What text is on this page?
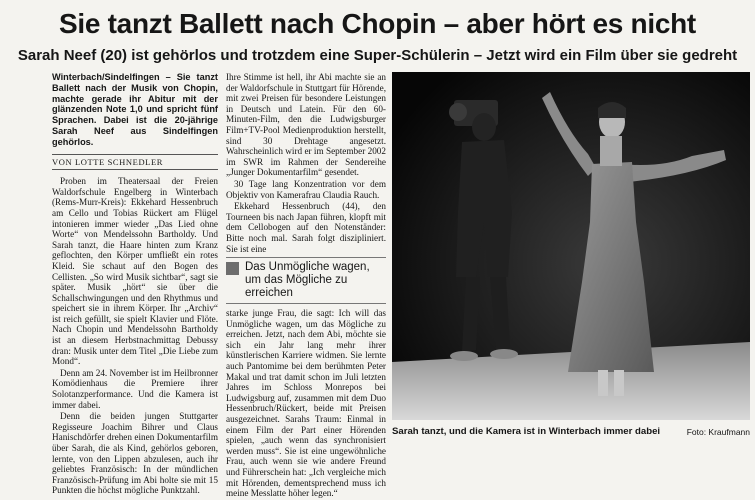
Sie tanzt Ballett nach Chopin – aber hört es nicht
Sarah Neef (20) ist gehörlos und trotzdem eine Super-Schülerin – Jetzt wird ein Film über sie gedreht

Winterbach/Sindelfingen – Sie tanzt Ballett nach der Musik von Chopin, machte gerade ihr Abitur mit der glänzenden Note 1,0 und spricht fünf Sprachen. Dabei ist die 20-jährige Sarah Neef aus Sindelfingen gehörlos.

VON LOTTE SCHNEDLER

Proben im Theatersaal der Freien Waldorfschule Engelberg in Winterbach (Rems-Murr-Kreis): Ekkehard Hessenbruch am Cello und Tobias Rückert am Flügel intonieren immer wieder „Das Lied ohne Worte“ von Mendelssohn Bartholdy. Und Sarah tanzt, die Haare hinten zum Kranz geflochten, den Körper umfließt ein rotes Kleid. Sie schaut auf den Bogen des Cellisten. „So wird Musik sichtbar“, sagt sie später. Musik „hört“ sie über die Schallschwingungen und den Rhythmus und speichert sie in ihrem Körper. Ihr „Archiv“ ist reich gefüllt, sie spielt Klavier und Flöte. Nach Chopin und Mendelssohn Bartholdy ist an diesem Herbstnachmittag Debussy dran: Musik unter dem Titel „Die Liebe zum Mond“.

Denn am 24. November ist im Heilbronner Komödienhaus die Premiere ihrer Solotanzperformance. Und die Kamera ist immer dabei.

Denn die beiden jungen Stuttgarter Regisseure Joachim Bihrer und Claus Hanischdörfer drehen einen Dokumentarfilm über Sarah, die als Kind, gehörlos geboren, lernte, von den Lippen abzulesen, auch ihr geliebtes Französisch: In der mündlichen Französisch-Prüfung im Abi holte sie mit 15 Punkten die höchst mögliche Punktzahl.

Ihre Stimme ist hell, ihr Abi machte sie an der Waldorfschule in Stuttgart für Hörende, mit zwei Preisen für besondere Leistungen in Deutsch und Latein. Für den 60-Minuten-Film, den die Ludwigsburger Film+TV-Pool Medienproduktion herstellt, sind 30 Drehtage angesetzt. Wahrscheinlich wird er im September 2002 im SWR im Rahmen der Sendereihe „Junger Dokumentarfilm“ gesendet.

30 Tage lang Konzentration vor dem Objektiv von Kamerafrau Claudia Rauch.

Ekkehard Hessenbruch (44), den Tourneen bis nach Japan führen, klopft mit dem Cellobogen auf den Notenständer: Bitte noch mal. Sarah folgt diszipliniert. Sie ist eine

Das Unmögliche wagen, um das Mögliche zu erreichen

starke junge Frau, die sagt: Ich will das Unmögliche wagen, um das Mögliche zu erreichen. Jetzt, nach dem Abi, möchte sie sich ein Jahr lang mehr ihrer künstlerischen Karriere widmen. Sie lernte auch Pantomime bei dem berühmten Peter Makal und trat damit schon im Juli letzten Jahres im Schloss Monrepos bei Ludwigsburg auf, zusammen mit dem Duo Hessenbruch/Rückert, beide mit Preisen ausgezeichnet. Sarahs Traum: Einmal in einem Film der Part einer Hörenden spielen, „auch wenn das synchronisiert werden muss“. Sie ist eine ungewöhnliche Frau, auch wenn sie wie andere Freund und Führerschein hat: „Ich vergleiche mich mit Hörenden, dementsprechend muss ich meine Messlatte höher legen.“

Sarah tanzt, und die Kamera ist in Winterbach immer dabei	Foto: Kraufmann
